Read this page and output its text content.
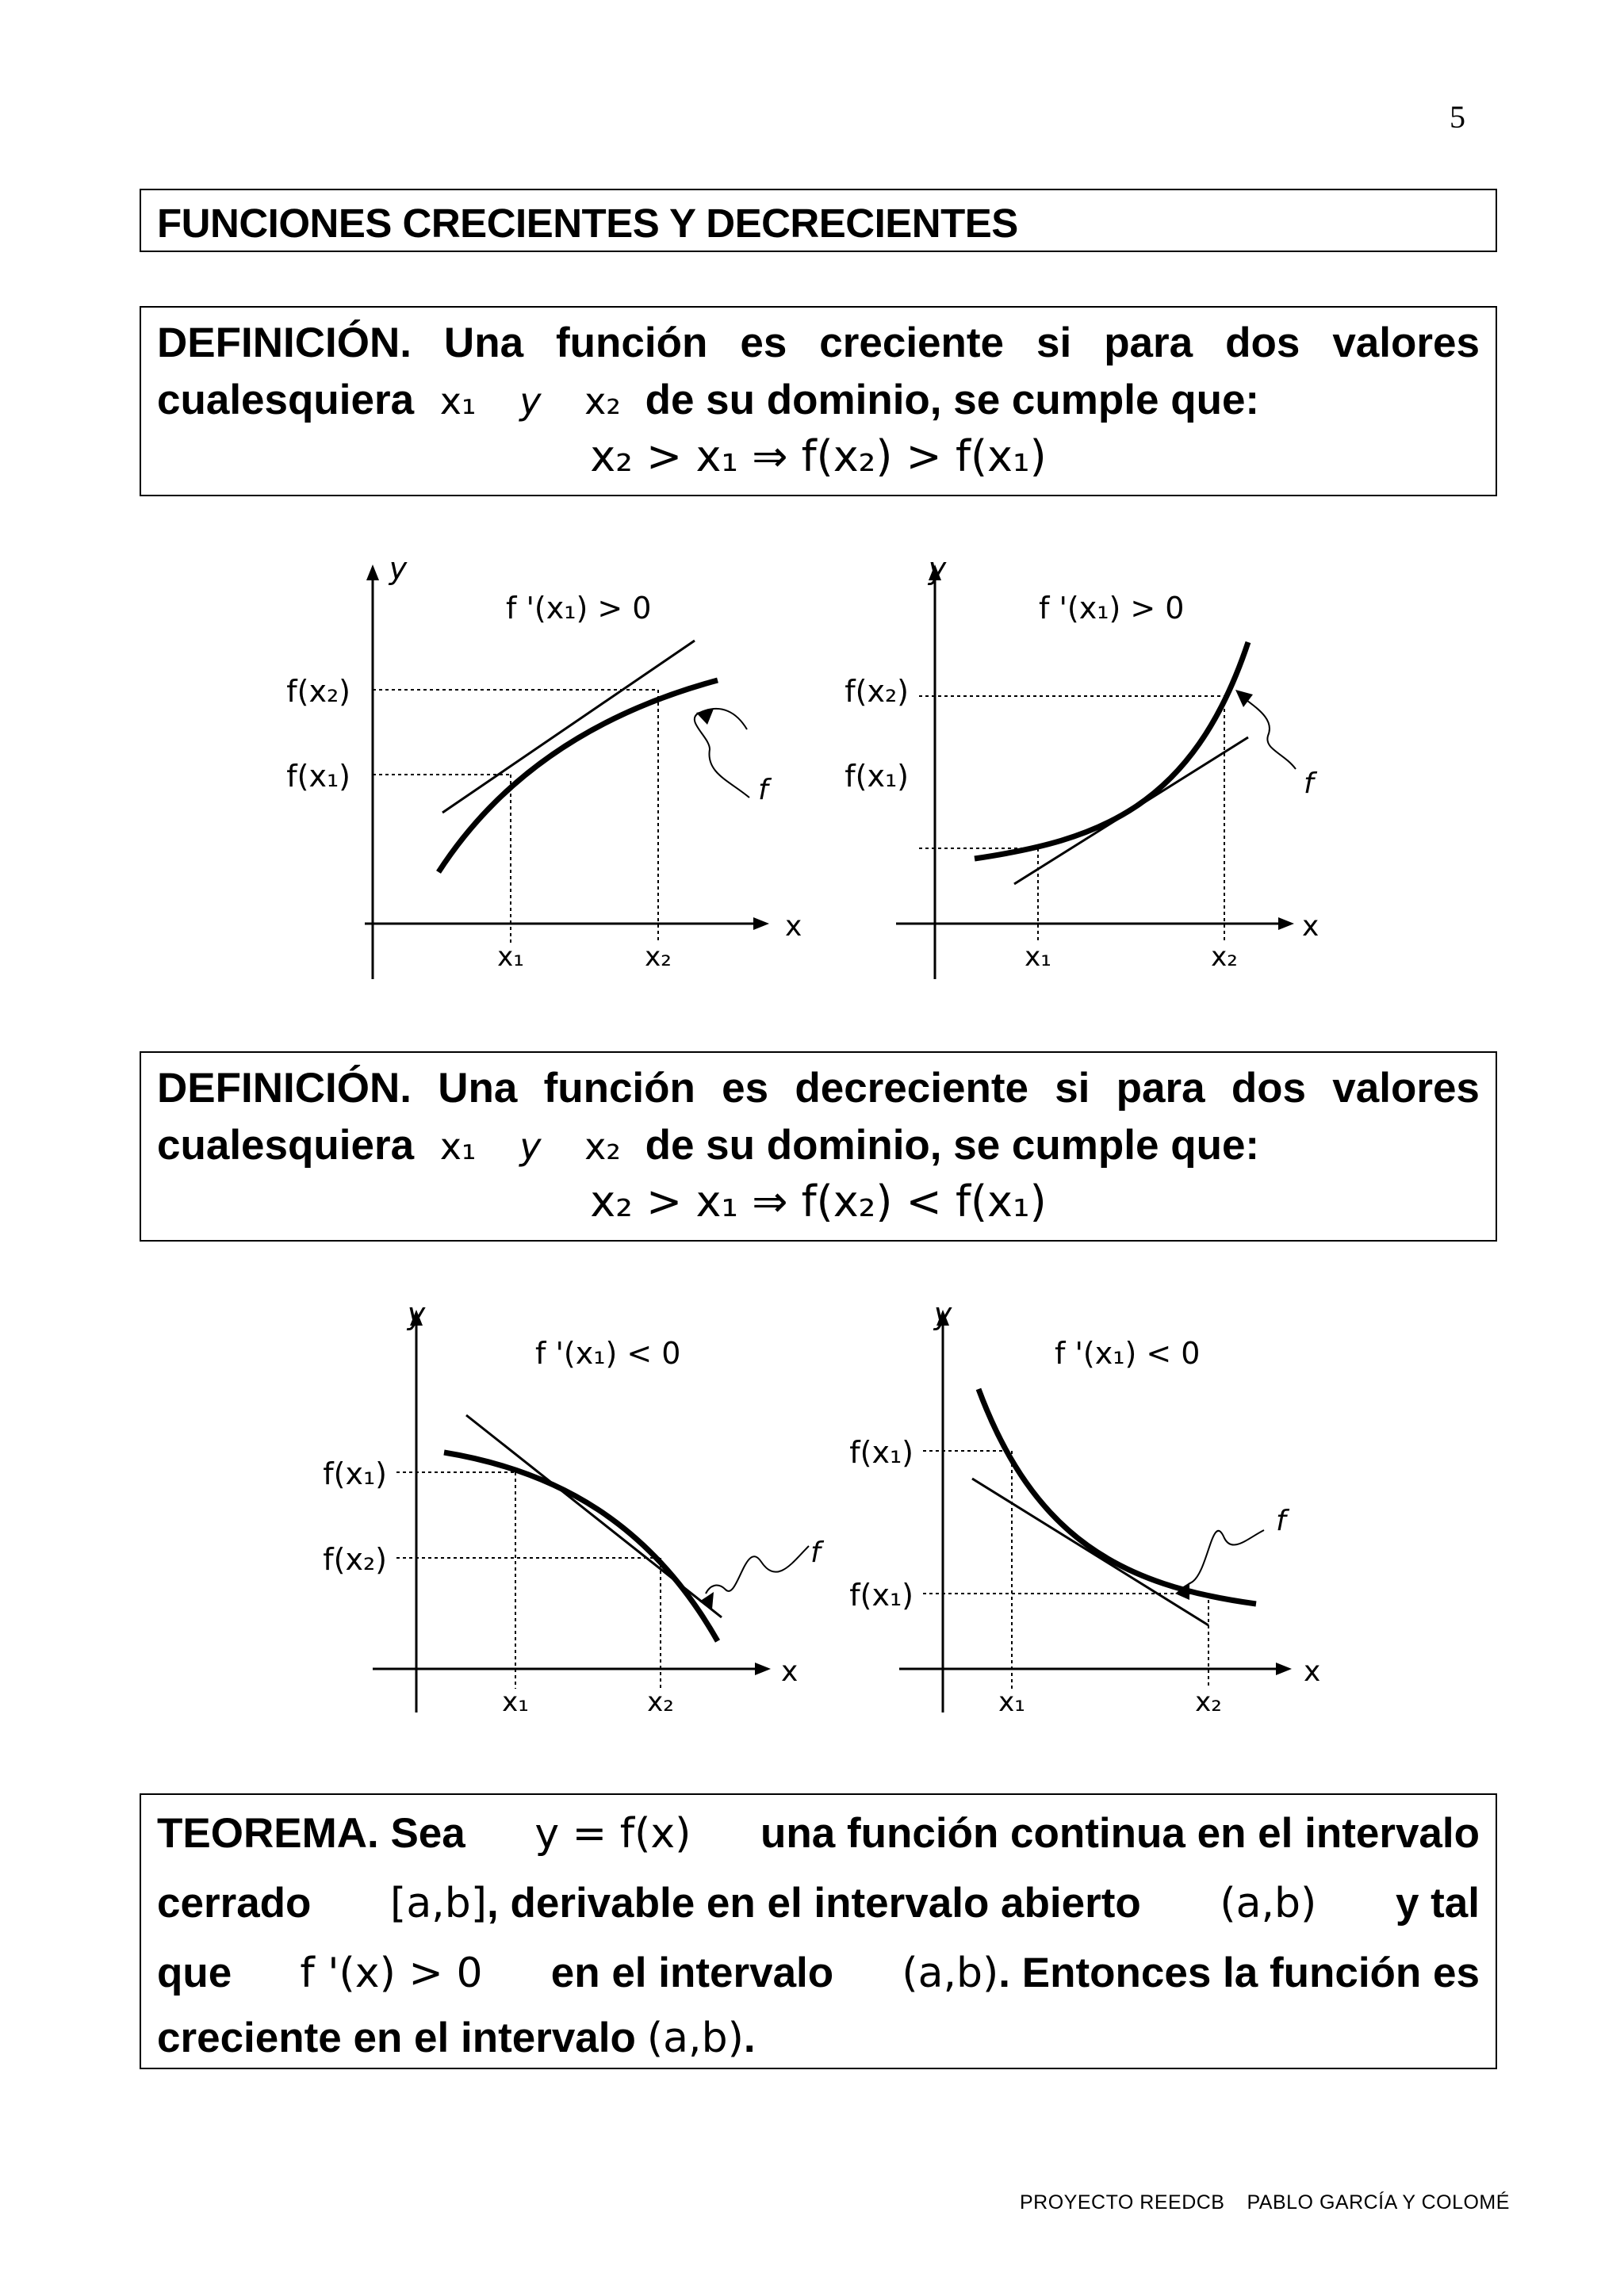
5
FUNCIONES CRECIENTES Y DECRECIENTES
DEFINICIÓN. Una función es creciente si para dos valores
cualesquiera x₁ y x₂ de su dominio, se cumple que:
x₂ > x₁ ⇒ f(x₂) > f(x₁)
y
x
f
f '(x₁) > 0
f(x₂)
f(x₁)
x₁	x₂
y
x
f
f '(x₁) > 0
f(x₂)
f(x₁)
x₁	x₂
DEFINICIÓN. Una función es decreciente si para dos valores
cualesquiera x₁ y x₂ de su dominio, se cumple que:
x₂ > x₁ ⇒ f(x₂) < f(x₁)
y
x
f
f '(x₁) < 0
f(x₁)
f(x₂)
x₁	x₂
y
x
f
f '(x₁) < 0
f(x₁)
f(x₁)
x₁	x₂
TEOREMA. Sea y = f(x) una función continua en el intervalo
cerrado [a,b], derivable en el intervalo abierto (a,b) y tal
que f '(x) > 0 en el intervalo (a,b). Entonces la función es
creciente en el intervalo (a,b) .
PROYECTO REEDCB PABLO GARCÍA Y COLOMÉ
